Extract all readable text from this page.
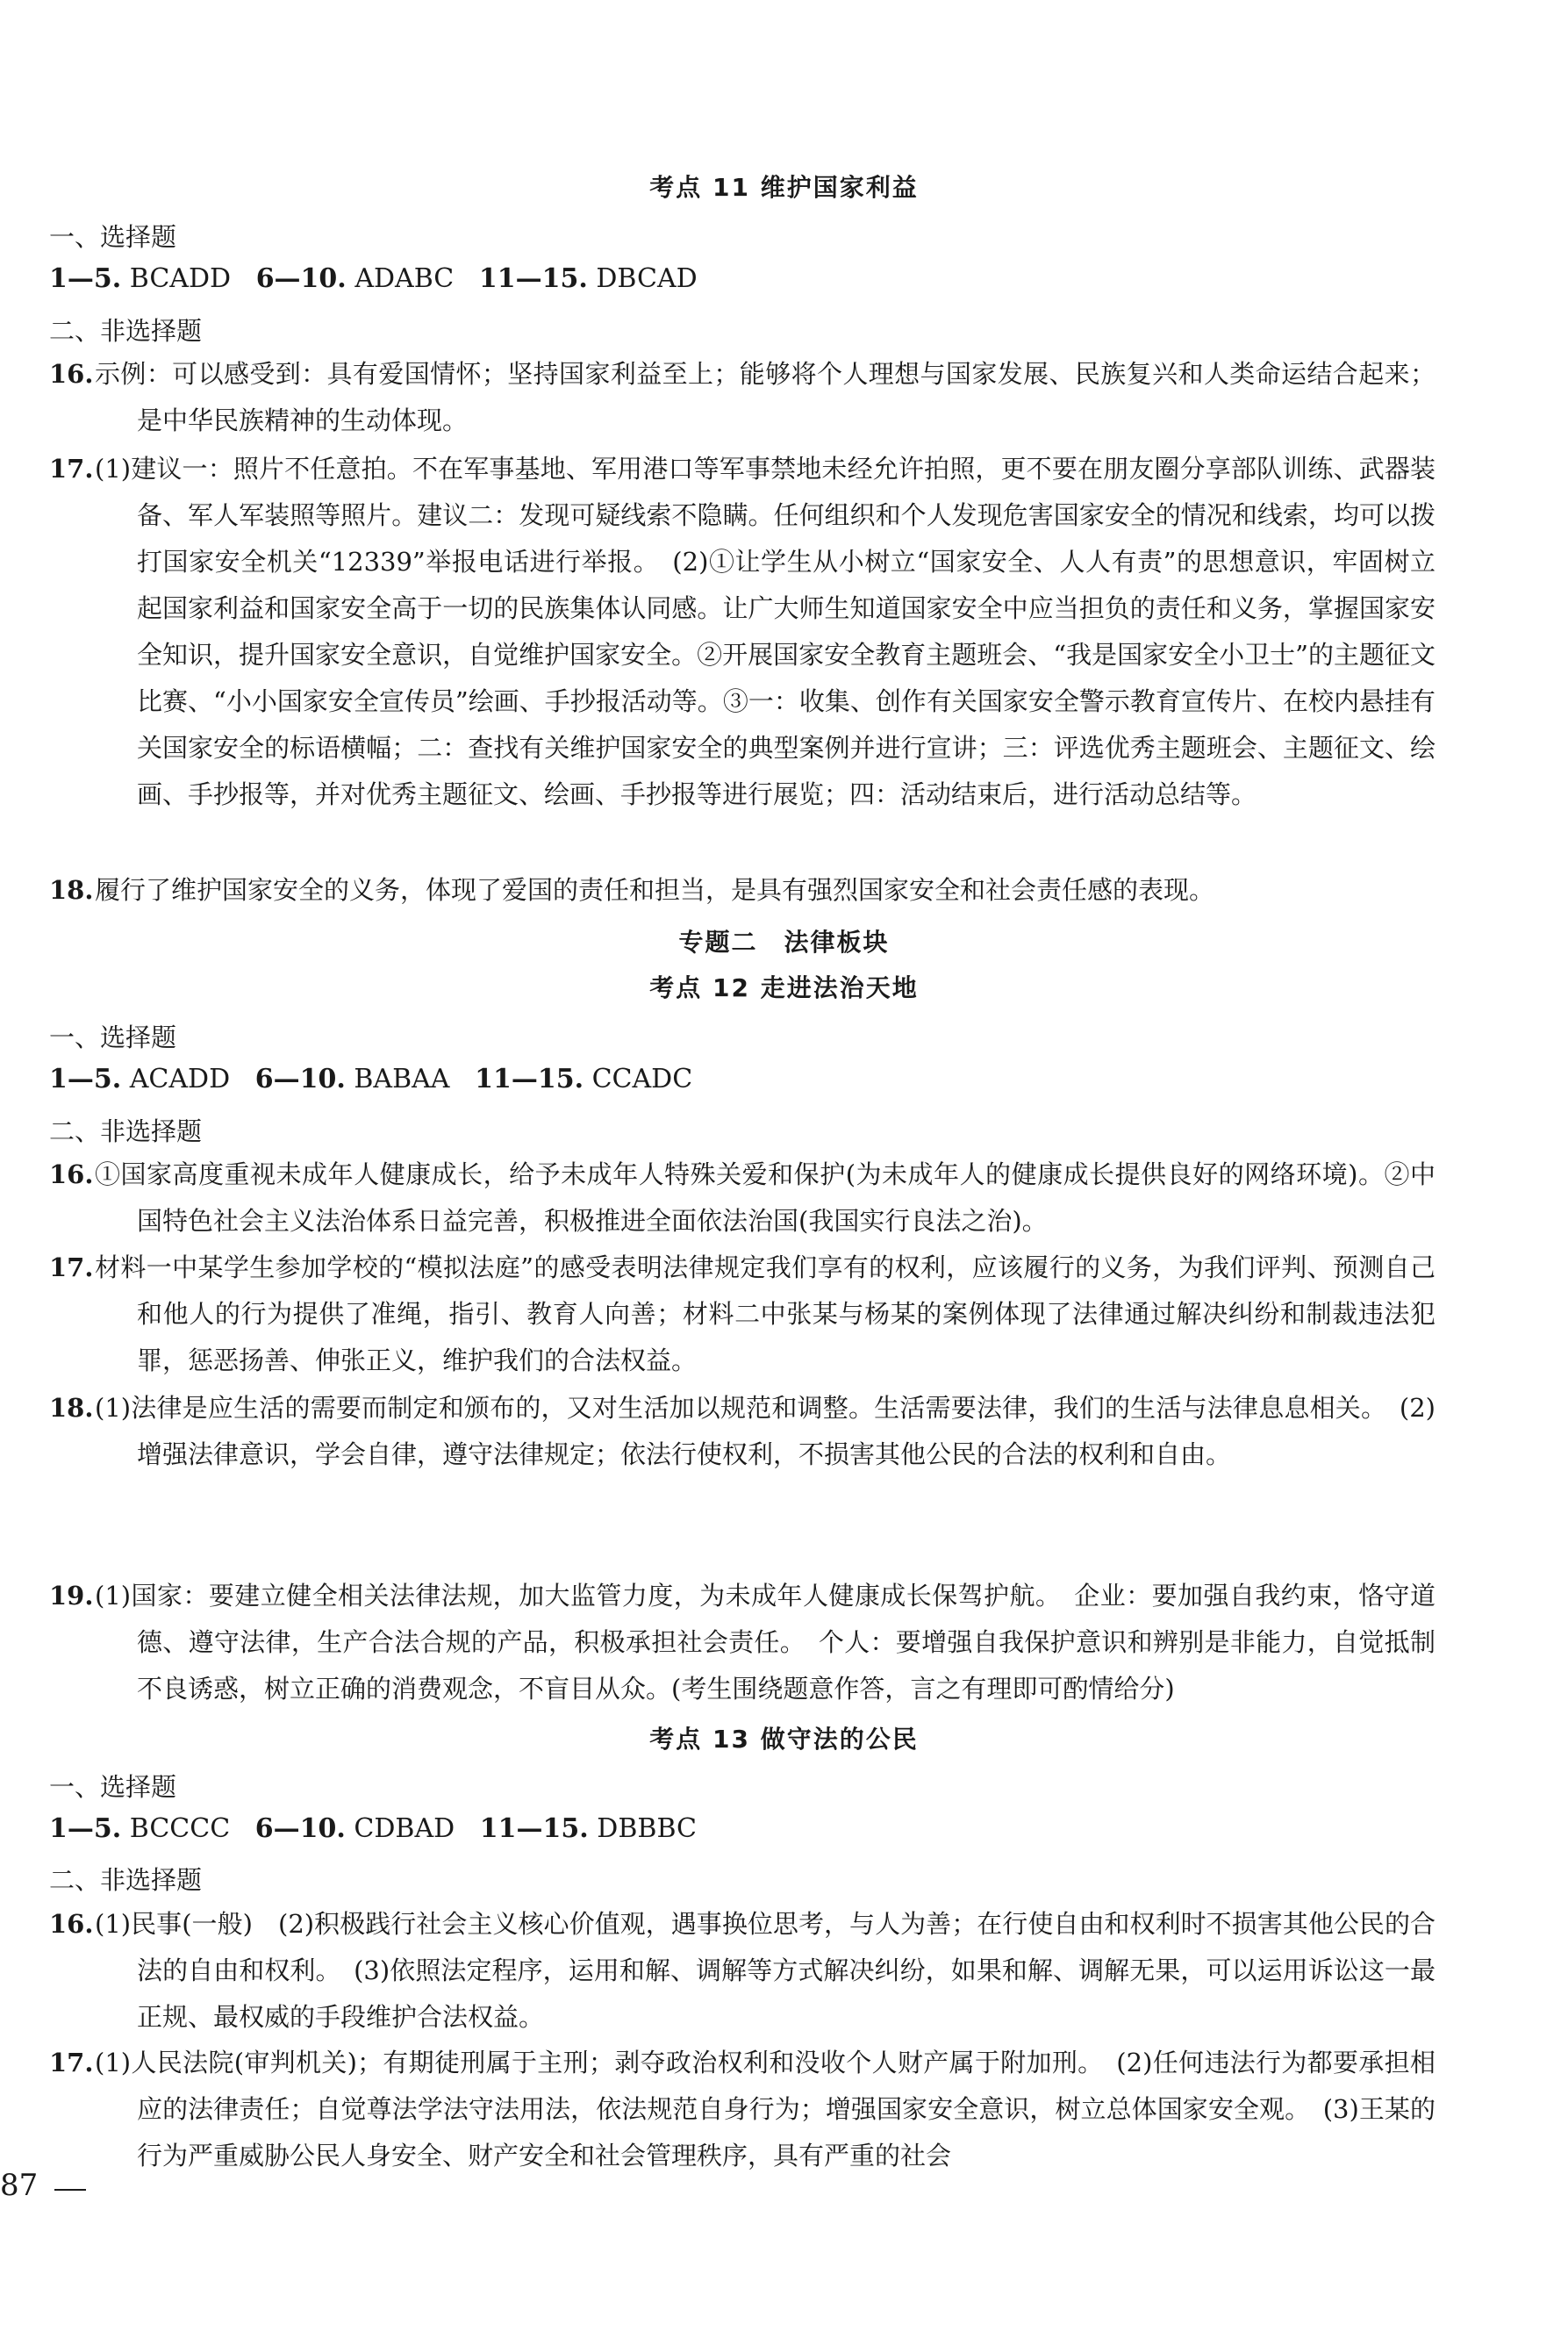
考点 11 维护国家利益
一、选择题
1—5. BCADD 6—10. ADABC 11—15. DBCAD
二、非选择题
16. 示例：可以感受到：具有爱国情怀；坚持国家利益至上；能够将个人理想与国家发展、民族复兴和人类命运结合起来；是中华民族精神的生动体现。
17. (1)建议一：照片不任意拍。不在军事基地、军用港口等军事禁地未经允许拍照，更不要在朋友圈分享部队训练、武器装备、军人军装照等照片。建议二：发现可疑线索不隐瞒。任何组织和个人发现危害国家安全的情况和线索，均可以拨打国家安全机关“12339”举报电话进行举报。　(2)①让学生从小树立“国家安全、人人有责”的思想意识，牢固树立起国家利益和国家安全高于一切的民族集体认同感。让广大师生知道国家安全中应当担负的责任和义务，掌握国家安全知识，提升国家安全意识，自觉维护国家安全。②开展国家安全教育主题班会、“我是国家安全小卫士”的主题征文比赛、“小小国家安全宣传员”绘画、手抄报活动等。③一：收集、创作有关国家安全警示教育宣传片、在校内悬挂有关国家安全的标语横幅；二：查找有关维护国家安全的典型案例并进行宣讲；三：评选优秀主题班会、主题征文、绘画、手抄报等，并对优秀主题征文、绘画、手抄报等进行展览；四：活动结束后，进行活动总结等。
18. 履行了维护国家安全的义务，体现了爱国的责任和担当，是具有强烈国家安全和社会责任感的表现。
专题二　法律板块
考点 12 走进法治天地
一、选择题
1—5. ACADD 6—10. BABAA 11—15. CCADC
二、非选择题
16. ①国家高度重视未成年人健康成长，给予未成年人特殊关爱和保护(为未成年人的健康成长提供良好的网络环境)。②中国特色社会主义法治体系日益完善，积极推进全面依法治国(我国实行良法之治)。
17. 材料一中某学生参加学校的“模拟法庭”的感受表明法律规定我们享有的权利，应该履行的义务，为我们评判、预测自己和他人的行为提供了准绳，指引、教育人向善；材料二中张某与杨某的案例体现了法律通过解决纠纷和制裁违法犯罪，惩恶扬善、伸张正义，维护我们的合法权益。
18. (1)法律是应生活的需要而制定和颁布的，又对生活加以规范和调整。生活需要法律，我们的生活与法律息息相关。　(2)增强法律意识，学会自律，遵守法律规定；依法行使权利，不损害其他公民的合法的权利和自由。
19. (1)国家：要建立健全相关法律法规，加大监管力度，为未成年人健康成长保驾护航。　企业：要加强自我约束，恪守道德、遵守法律，生产合法合规的产品，积极承担社会责任。　个人：要增强自我保护意识和辨别是非能力，自觉抵制不良诱惑，树立正确的消费观念，不盲目从众。(考生围绕题意作答，言之有理即可酌情给分)
考点 13 做守法的公民
一、选择题
1—5. BCCCC 6—10. CDBAD 11—15. DBBBC
二、非选择题
16. (1)民事(一般)　(2)积极践行社会主义核心价值观，遇事换位思考，与人为善；在行使自由和权利时不损害其他公民的合法的自由和权利。　(3)依照法定程序，运用和解、调解等方式解决纠纷，如果和解、调解无果，可以运用诉讼这一最正规、最权威的手段维护合法权益。
17. (1)人民法院(审判机关)；有期徒刑属于主刑；剥夺政治权利和没收个人财产属于附加刑。　(2)任何违法行为都要承担相应的法律责任；自觉尊法学法守法用法，依法规范自身行为；增强国家安全意识，树立总体国家安全观。　(3)王某的行为严重威胁公民人身安全、财产安全和社会管理秩序，具有严重的社会
87
